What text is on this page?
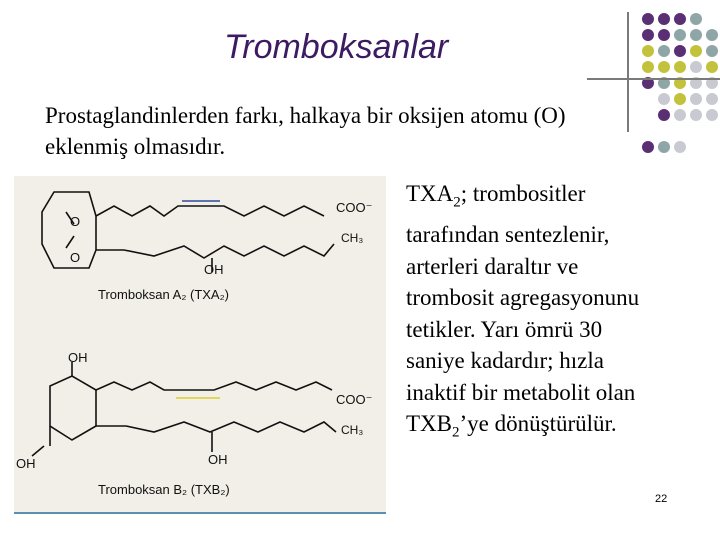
Tromboksanlar
Prostaglandinlerden farkı, halkaya bir oksijen atomu (O) eklenmiş olmasıdır.
O
O
COO⁻
CH₃
OH
Tromboksan A₂ (TXA₂)
OH
COO⁻
CH₃
OH	OH
Tromboksan B₂ (TXB₂)

$TXA_2$; trombositler

tarafından sentezlenir,

arterleri daraltır ve

trombosit agregasyonunu

tetikler. Yarı ömrü 30

saniye kadardır; hızla

inaktif bir metabolit olan

$TXB_2’ye$ dönüştürülür.

22
